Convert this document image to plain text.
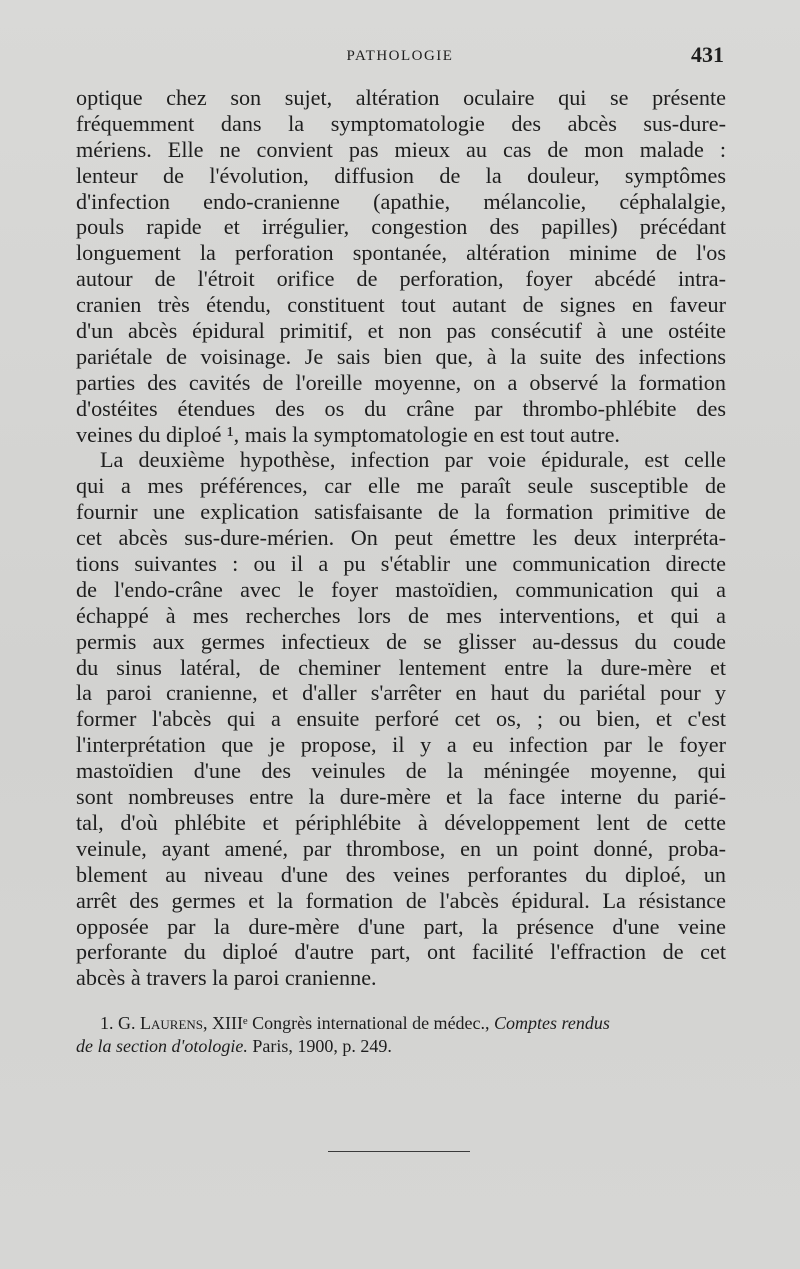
PATHOLOGIE	431
optique chez son sujet, altération oculaire qui se présente
fréquemment dans la symptomatologie des abcès sus-dure-
mériens. Elle ne convient pas mieux au cas de mon malade :
lenteur de l'évolution, diffusion de la douleur, symptômes
d'infection endo-cranienne (apathie, mélancolie, céphalalgie,
pouls rapide et irrégulier, congestion des papilles) précédant
longuement la perforation spontanée, altération minime de l'os
autour de l'étroit orifice de perforation, foyer abcédé intra-
cranien très étendu, constituent tout autant de signes en faveur
d'un abcès épidural primitif, et non pas consécutif à une ostéite
pariétale de voisinage. Je sais bien que, à la suite des infections
parties des cavités de l'oreille moyenne, on a observé la formation
d'ostéites étendues des os du crâne par thrombo-phlébite des
veines du diploé ¹, mais la symptomatologie en est tout autre.
La deuxième hypothèse, infection par voie épidurale, est celle
qui a mes préférences, car elle me paraît seule susceptible de
fournir une explication satisfaisante de la formation primitive de
cet abcès sus-dure-mérien. On peut émettre les deux interpréta-
tions suivantes : ou il a pu s'établir une communication directe
de l'endo-crâne avec le foyer mastoïdien, communication qui a
échappé à mes recherches lors de mes interventions, et qui a
permis aux germes infectieux de se glisser au-dessus du coude
du sinus latéral, de cheminer lentement entre la dure-mère et
la paroi cranienne, et d'aller s'arrêter en haut du pariétal pour y
former l'abcès qui a ensuite perforé cet os, ; ou bien, et c'est
l'interprétation que je propose, il y a eu infection par le foyer
mastoïdien d'une des veinules de la méningée moyenne, qui
sont nombreuses entre la dure-mère et la face interne du parié-
tal, d'où phlébite et périphlébite à développement lent de cette
veinule, ayant amené, par thrombose, en un point donné, proba-
blement au niveau d'une des veines perforantes du diploé, un
arrêt des germes et la formation de l'abcès épidural. La résistance
opposée par la dure-mère d'une part, la présence d'une veine
perforante du diploé d'autre part, ont facilité l'effraction de cet
abcès à travers la paroi cranienne.
1. G. Laurens, XIIIᵉ Congrès international de médec., Comptes rendus
de la section d'otologie. Paris, 1900, p. 249.
